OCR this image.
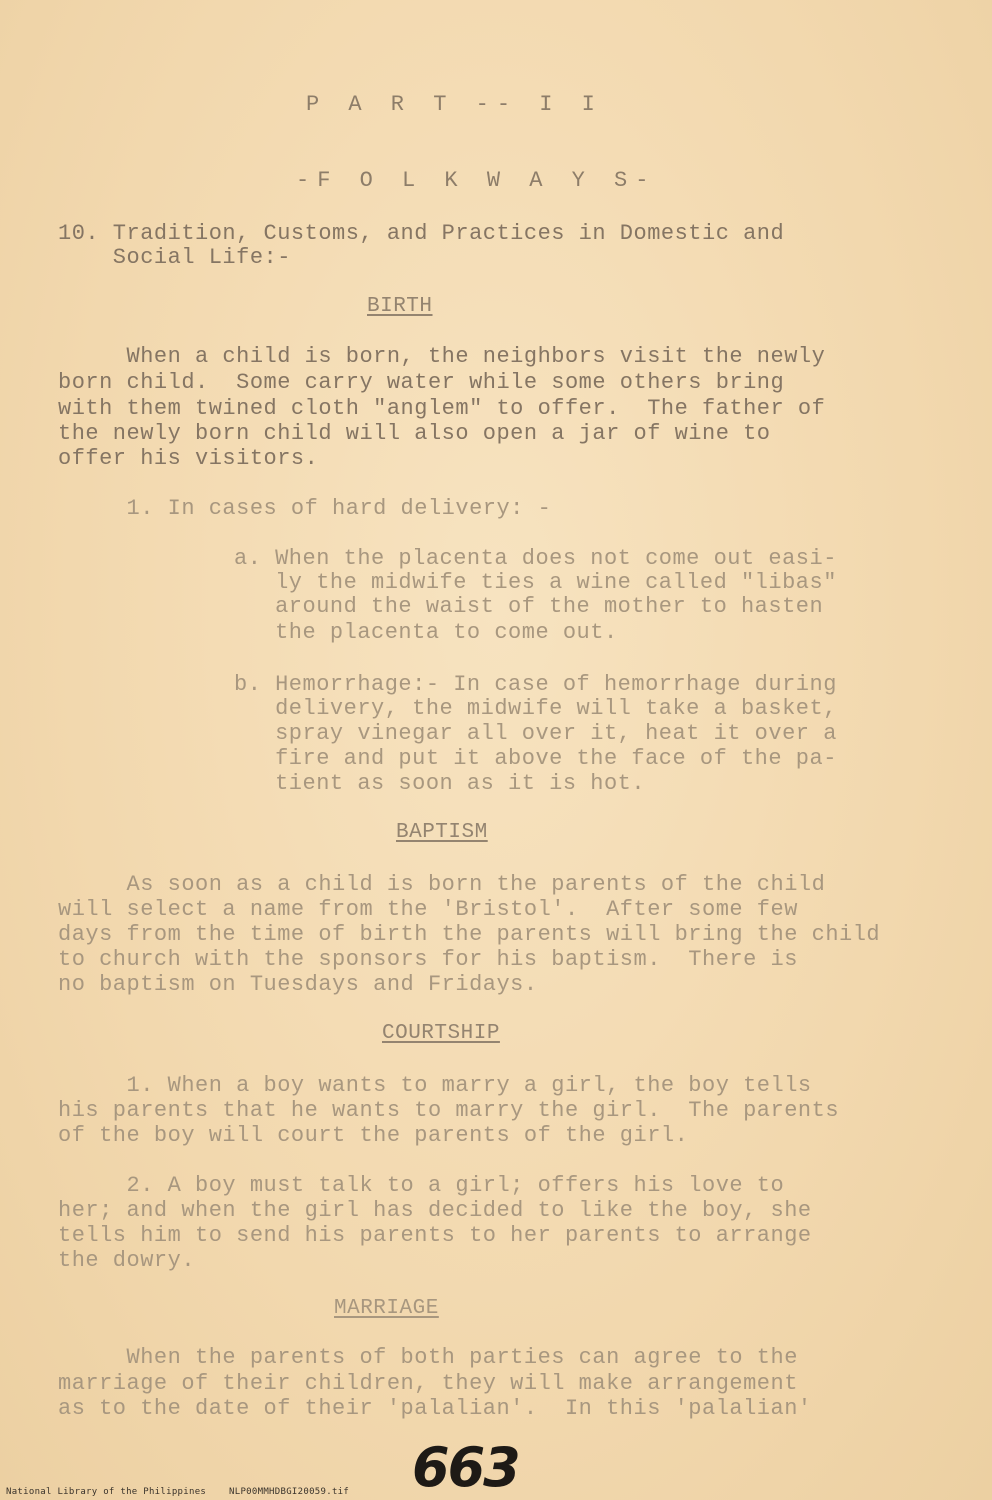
P A R T -- I I
-F O L K W A Y S-
10. Tradition, Customs, and Practices in Domestic and
Social Life:-
BIRTH
When a child is born, the neighbors visit the newly
born child.  Some carry water while some others bring
with them twined cloth "anglem" to offer.  The father of
the newly born child will also open a jar of wine to
offer his visitors.
1. In cases of hard delivery: -
a. When the placenta does not come out easi-
ly the midwife ties a wine called "libas"
around the waist of the mother to hasten
the placenta to come out.
b. Hemorrhage:- In case of hemorrhage during
delivery, the midwife will take a basket,
spray vinegar all over it, heat it over a
fire and put it above the face of the pa-
tient as soon as it is hot.
BAPTISM
As soon as a child is born the parents of the child
will select a name from the 'Bristol'.  After some few
days from the time of birth the parents will bring the child
to church with the sponsors for his baptism.  There is
no baptism on Tuesdays and Fridays.
COURTSHIP
1. When a boy wants to marry a girl, the boy tells
his parents that he wants to marry the girl.  The parents
of the boy will court the parents of the girl.
2. A boy must talk to a girl; offers his love to
her; and when the girl has decided to like the boy, she
tells him to send his parents to her parents to arrange
the dowry.
MARRIAGE
When the parents of both parties can agree to the
marriage of their children, they will make arrangement
as to the date of their 'palalian'.  In this 'palalian'
663
National Library of the Philippines    NLP00MMHDBGI20059.tif
